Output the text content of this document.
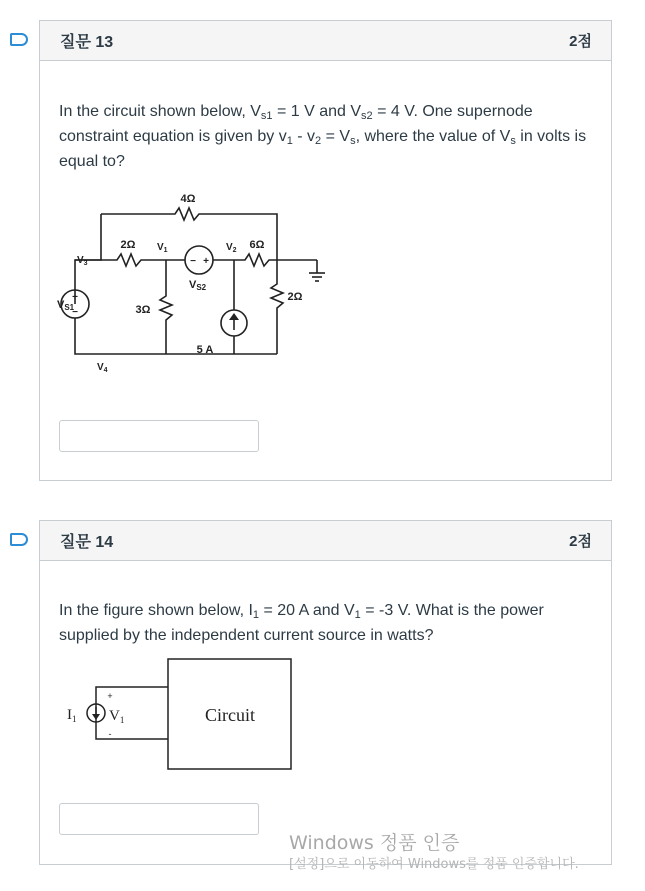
질문 13	2점
In the circuit shown below, $V_{s1} = 1$ V and $V_{s2} = 4$ V. One supernode constraint equation is given by $v_1 - v_2 = V_s$, where the value of $V_s$ in volts is equal to?
4Ω
2Ω	6Ω
3Ω
2Ω
5 A
$V_1$	$V_2$
$V_3$
$V_4$
VS1
VS2
+
−
− +
질문 14	2점
In the figure shown below, $I_1 = 20$ A and $V_1 = -3$ V. What is the power supplied by the independent current source in watts?
$I_1$ $V_1$
+
-
Circuit
Windows 정품 인증
[설정]으로 이동하여 Windows를 정품 인증합니다.
